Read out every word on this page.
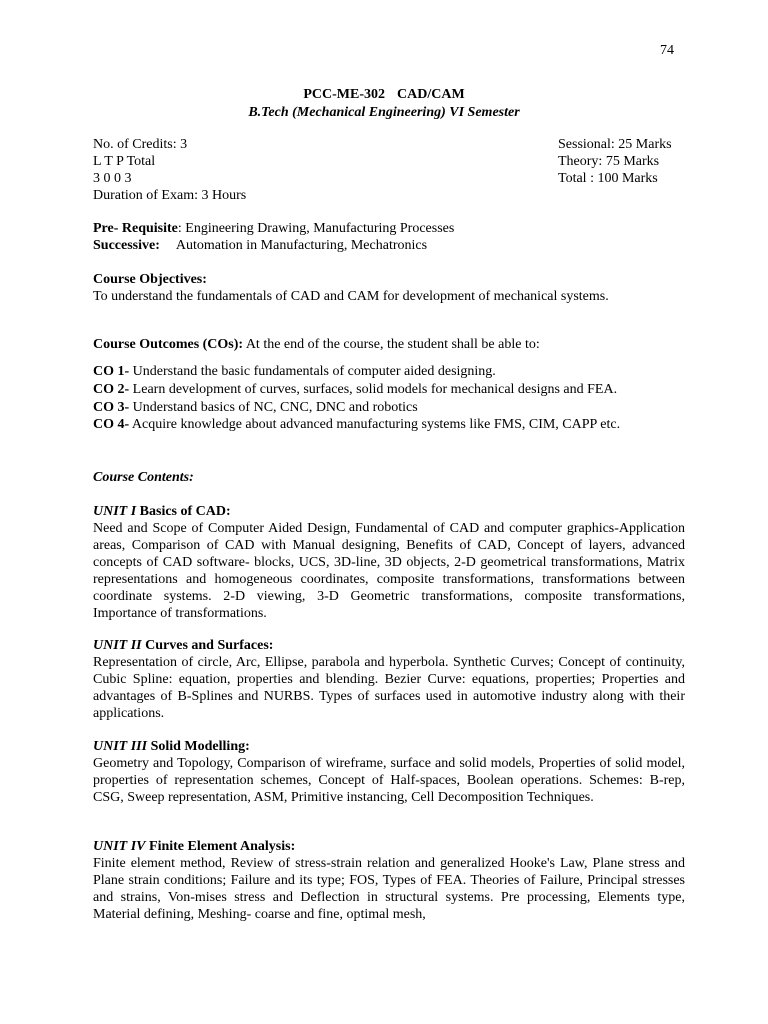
74
PCC-ME-302 CAD/CAM
B.Tech (Mechanical Engineering) VI Semester
No. of Credits: 3
L T P Total
3 0 0 3
Duration of Exam: 3 Hours
Sessional: 25 Marks
Theory: 75 Marks
Total : 100 Marks
Pre- Requisite: Engineering Drawing, Manufacturing Processes
Successive: Automation in Manufacturing, Mechatronics
Course Objectives:
To understand the fundamentals of CAD and CAM for development of mechanical systems.
Course Outcomes (COs): At the end of the course, the student shall be able to:
CO 1- Understand the basic fundamentals of computer aided designing.
CO 2- Learn development of curves, surfaces, solid models for mechanical designs and FEA.
CO 3- Understand basics of NC, CNC, DNC and robotics
CO 4- Acquire knowledge about advanced manufacturing systems like FMS, CIM, CAPP etc.
Course Contents:
UNIT I Basics of CAD:
Need and Scope of Computer Aided Design, Fundamental of CAD and computer graphics-Application areas, Comparison of CAD with Manual designing, Benefits of CAD, Concept of layers, advanced concepts of CAD software- blocks, UCS, 3D-line, 3D objects, 2-D geometrical transformations, Matrix representations and homogeneous coordinates, composite transformations, transformations between coordinate systems. 2-D viewing, 3-D Geometric transformations, composite transformations, Importance of transformations.
UNIT II Curves and Surfaces:
Representation of circle, Arc, Ellipse, parabola and hyperbola. Synthetic Curves; Concept of continuity, Cubic Spline: equation, properties and blending. Bezier Curve: equations, properties; Properties and advantages of B-Splines and NURBS. Types of surfaces used in automotive industry along with their applications.
UNIT III Solid Modelling:
Geometry and Topology, Comparison of wireframe, surface and solid models, Properties of solid model, properties of representation schemes, Concept of Half-spaces, Boolean operations. Schemes: B-rep, CSG, Sweep representation, ASM, Primitive instancing, Cell Decomposition Techniques.
UNIT IV Finite Element Analysis:
Finite element method, Review of stress-strain relation and generalized Hooke's Law, Plane stress and Plane strain conditions; Failure and its type; FOS, Types of FEA. Theories of Failure, Principal stresses and strains, Von-mises stress and Deflection in structural systems. Pre processing, Elements type, Material defining, Meshing- coarse and fine, optimal mesh,
